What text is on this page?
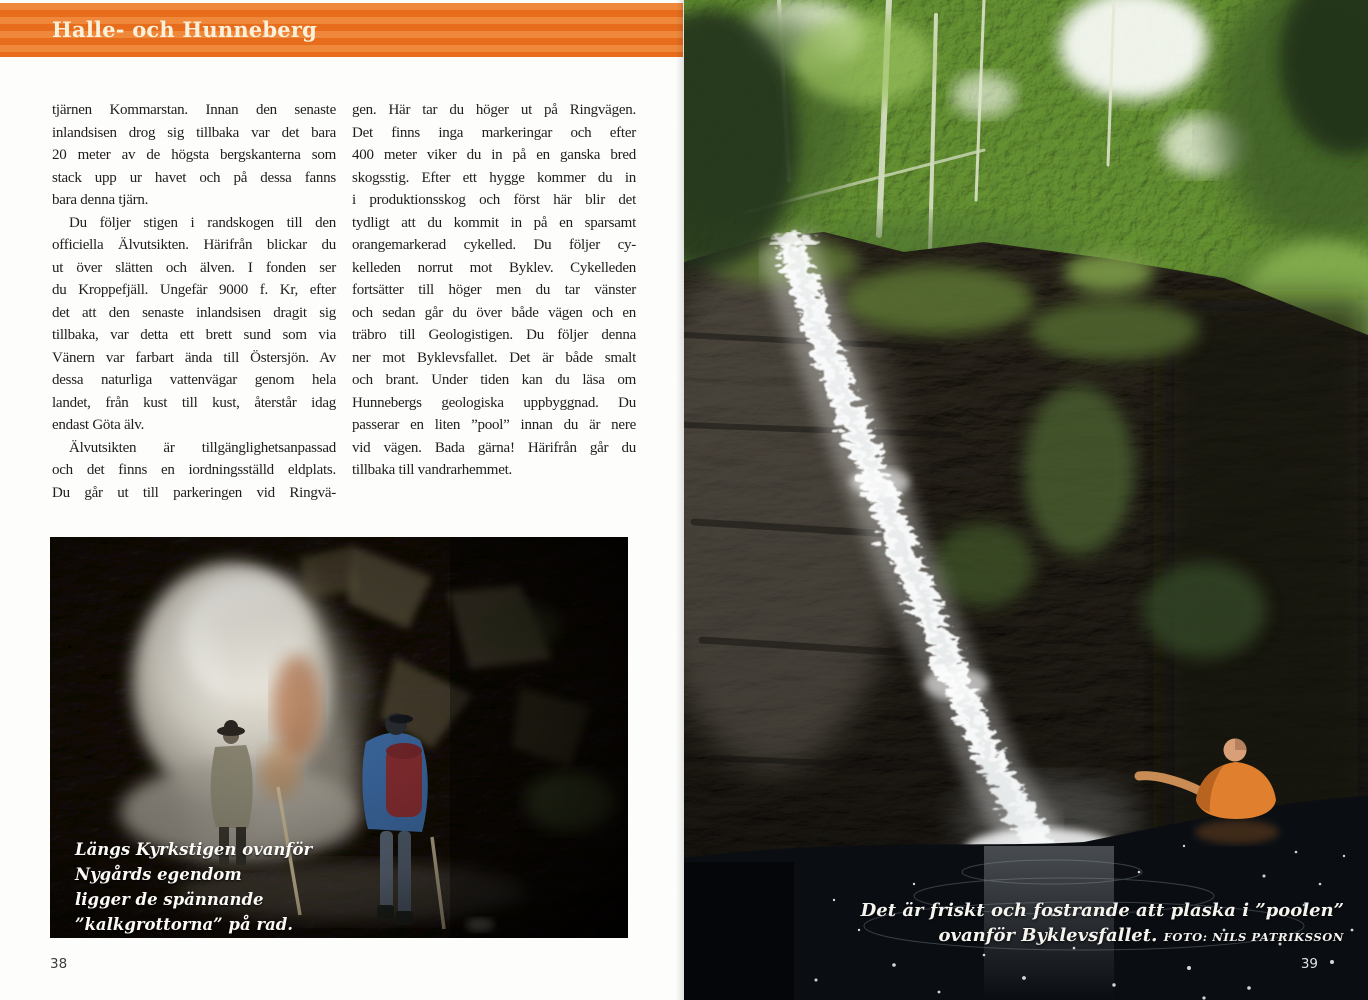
Halle- och Hunneberg
tjärnen Kommarstan. Innan den senaste
inlandsisen drog sig tillbaka var det bara
20 meter av de högsta bergskanterna som
stack upp ur havet och på dessa fanns
bara denna tjärn.
Du följer stigen i randskogen till den
officiella Älvutsikten. Härifrån blickar du
ut över slätten och älven. I fonden ser
du Kroppefjäll. Ungefär 9000 f. Kr, efter
det att den senaste inlandsisen dragit sig
tillbaka, var detta ett brett sund som via
Vänern var farbart ända till Östersjön. Av
dessa naturliga vattenvägar genom hela
landet, från kust till kust, återstår idag
endast Göta älv.
Älvutsikten är tillgänglighetsanpassad
och det finns en iordningsställd eldplats.
Du går ut till parkeringen vid Ringvä-
gen. Här tar du höger ut på Ringvägen.
Det finns inga markeringar och efter
400 meter viker du in på en ganska bred
skogsstig. Efter ett hygge kommer du in
i produktionsskog och först här blir det
tydligt att du kommit in på en sparsamt
orangemarkerad cykelled. Du följer cy-
kelleden norrut mot Byklev. Cykelleden
fortsätter till höger men du tar vänster
och sedan går du över både vägen och en
träbro till Geologistigen. Du följer denna
ner mot Byklevsfallet. Det är både smalt
och brant. Under tiden kan du läsa om
Hunnebergs geologiska uppbyggnad. Du
passerar en liten ”pool” innan du är nere
vid vägen. Bada gärna! Härifrån går du
tillbaka till vandrarhemmet.
Längs Kyrkstigen ovanför
Nygårds egendom
ligger de spännande
”kalkgrottorna” på rad.
38
Det är friskt och fostrande att plaska i ”poolen”
ovanför Byklevsfallet. FOTO: NILS PATRIKSSON
39
